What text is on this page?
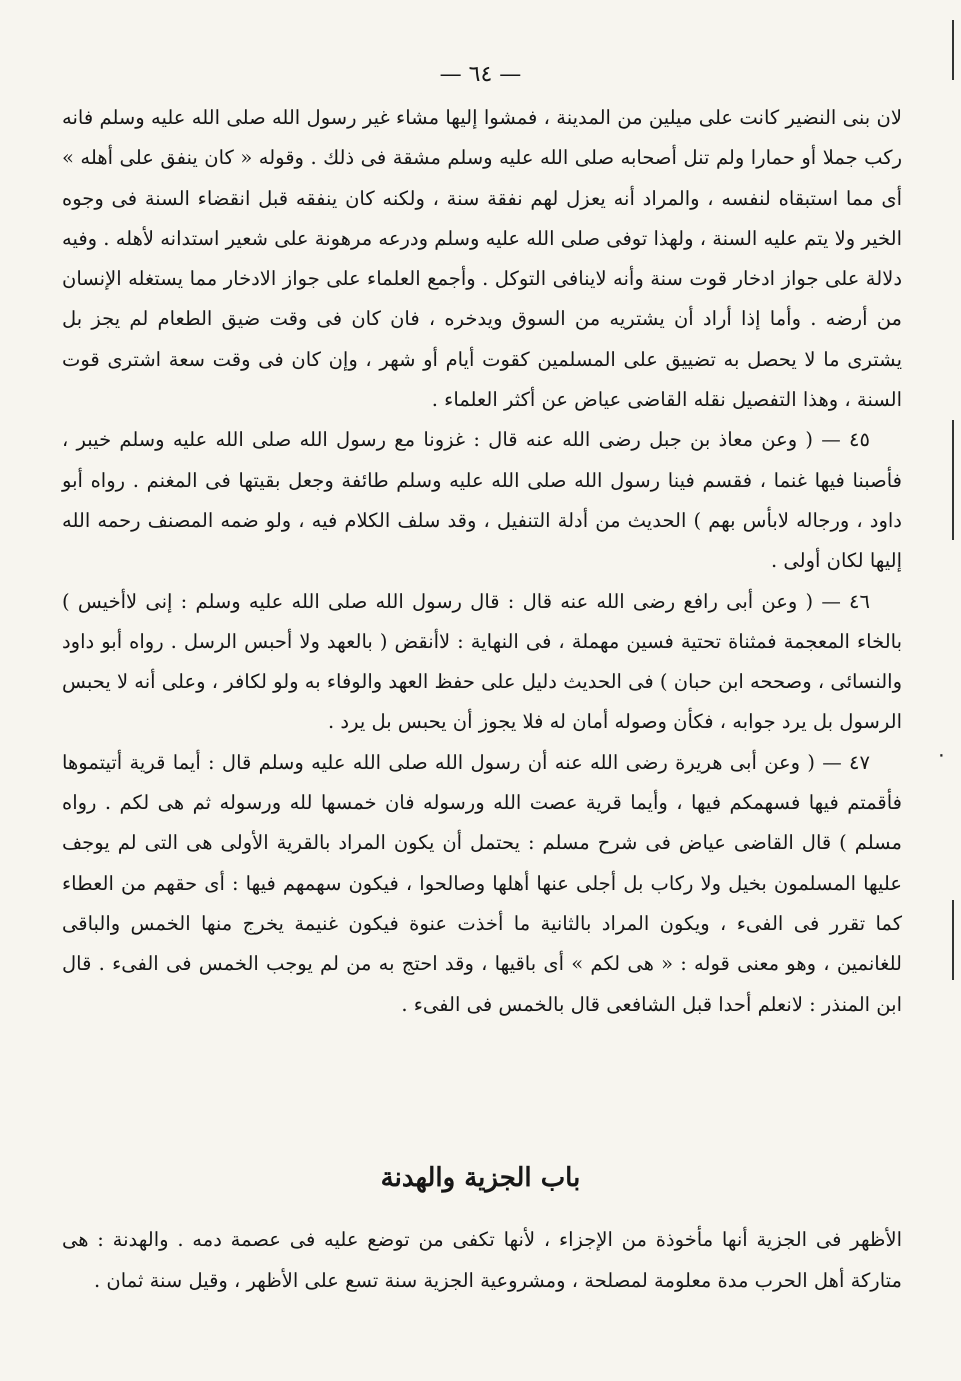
— ٦٤ —

لان بنى النضير كانت على ميلين من المدينة ، فمشوا إليها مشاء غير رسول الله صلى الله عليه وسلم فانه ركب جملا أو حمارا ولم تنل أصحابه صلى الله عليه وسلم مشقة فى ذلك . وقوله « كان ينفق على أهله » أى مما استبقاه لنفسه ، والمراد أنه يعزل لهم نفقة سنة ، ولكنه كان ينفقه قبل انقضاء السنة فى وجوه الخير ولا يتم عليه السنة ، ولهذا توفى صلى الله عليه وسلم ودرعه مرهونة على شعير استدانه لأهله . وفيه دلالة على جواز ادخار قوت سنة وأنه لاينافى التوكل . وأجمع العلماء على جواز الادخار مما يستغله الإنسان من أرضه . وأما إذا أراد أن يشتريه من السوق ويدخره ، فان كان فى وقت ضيق الطعام لم يجز بل يشترى ما لا يحصل به تضييق على المسلمين كقوت أيام أو شهر ، وإن كان فى وقت سعة اشترى قوت السنة ، وهذا التفصيل نقله القاضى عياض عن أكثر العلماء .

٤٥ — ( وعن معاذ بن جبل رضى الله عنه قال : غزونا مع رسول الله صلى الله عليه وسلم خيبر ، فأصبنا فيها غنما ، فقسم فينا رسول الله صلى الله عليه وسلم طائفة وجعل بقيتها فى المغنم . رواه أبو داود ، ورجاله لابأس بهم ) الحديث من أدلة التنفيل ، وقد سلف الكلام فيه ، ولو ضمه المصنف رحمه الله إليها لكان أولى .

٤٦ — ( وعن أبى رافع رضى الله عنه قال : قال رسول الله صلى الله عليه وسلم : إنى لاأخيس ) بالخاء المعجمة فمثناة تحتية فسين مهملة ، فى النهاية : لاأنقض ( بالعهد ولا أحبس الرسل . رواه أبو داود والنسائى ، وصححه ابن حبان ) فى الحديث دليل على حفظ العهد والوفاء به ولو لكافر ، وعلى أنه لا يحبس الرسول بل يرد جوابه ، فكأن وصوله أمان له فلا يجوز أن يحبس بل يرد .

٤٧ — ( وعن أبى هريرة رضى الله عنه أن رسول الله صلى الله عليه وسلم قال : أيما قرية أتيتموها فأقمتم فيها فسهمكم فيها ، وأيما قرية عصت الله ورسوله فان خمسها لله ورسوله ثم هى لكم . رواه مسلم ) قال القاضى عياض فى شرح مسلم : يحتمل أن يكون المراد بالقرية الأولى هى التى لم يوجف عليها المسلمون بخيل ولا ركاب بل أجلى عنها أهلها وصالحوا ، فيكون سهمهم فيها : أى حقهم من العطاء كما تقرر فى الفىء ، ويكون المراد بالثانية ما أخذت عنوة فيكون غنيمة يخرج منها الخمس والباقى للغانمين ، وهو معنى قوله : « هى لكم » أى باقيها ، وقد احتج به من لم يوجب الخمس فى الفىء . قال ابن المنذر : لانعلم أحدا قبل الشافعى قال بالخمس فى الفىء .

باب الجزية والهدنة

الأظهر فى الجزية أنها مأخوذة من الإجزاء ، لأنها تكفى من توضع عليه فى عصمة دمه . والهدنة : هى متاركة أهل الحرب مدة معلومة لمصلحة ، ومشروعية الجزية سنة تسع على الأظهر ، وقيل سنة ثمان .

٠
